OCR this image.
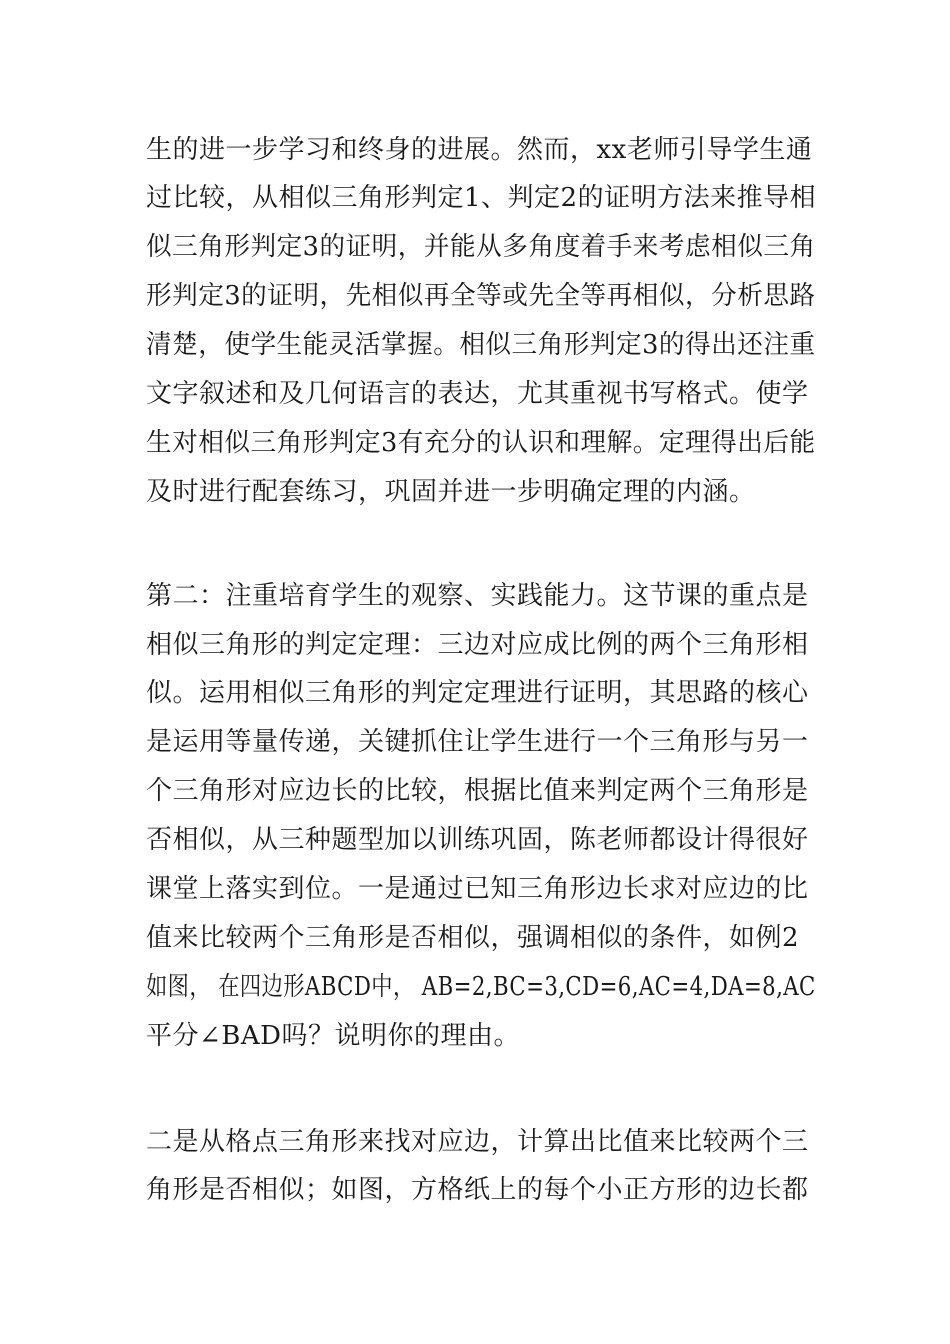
生的进一步学习和终身的进展。然而，xx老师引导学生通
过比较，从相似三角形判定1、判定2的证明方法来推导相
似三角形判定3的证明，并能从多角度着手来考虑相似三角
形判定3的证明，先相似再全等或先全等再相似，分析思路
清楚，使学生能灵活掌握。相似三角形判定3的得出还注重
文字叙述和及几何语言的表达，尤其重视书写格式。使学
生对相似三角形判定3有充分的认识和理解。定理得出后能
及时进行配套练习，巩固并进一步明确定理的内涵。
第二：注重培育学生的观察、实践能力。这节课的重点是
相似三角形的判定定理：三边对应成比例的两个三角形相
似。运用相似三角形的判定定理进行证明，其思路的核心
是运用等量传递，关键抓住让学生进行一个三角形与另一
个三角形对应边长的比较，根据比值来判定两个三角形是
否相似，从三种题型加以训练巩固，陈老师都设计得很好
课堂上落实到位。一是通过已知三角形边长求对应边的比
值来比较两个三角形是否相似，强调相似的条件，如例2
如图， 在四边形ABCD中， AB=2,BC=3,CD=6,AC=4,DA=8,AC
平分∠BAD吗？说明你的理由。
二是从格点三角形来找对应边，计算出比值来比较两个三
角形是否相似；如图，方格纸上的每个小正方形的边长都
